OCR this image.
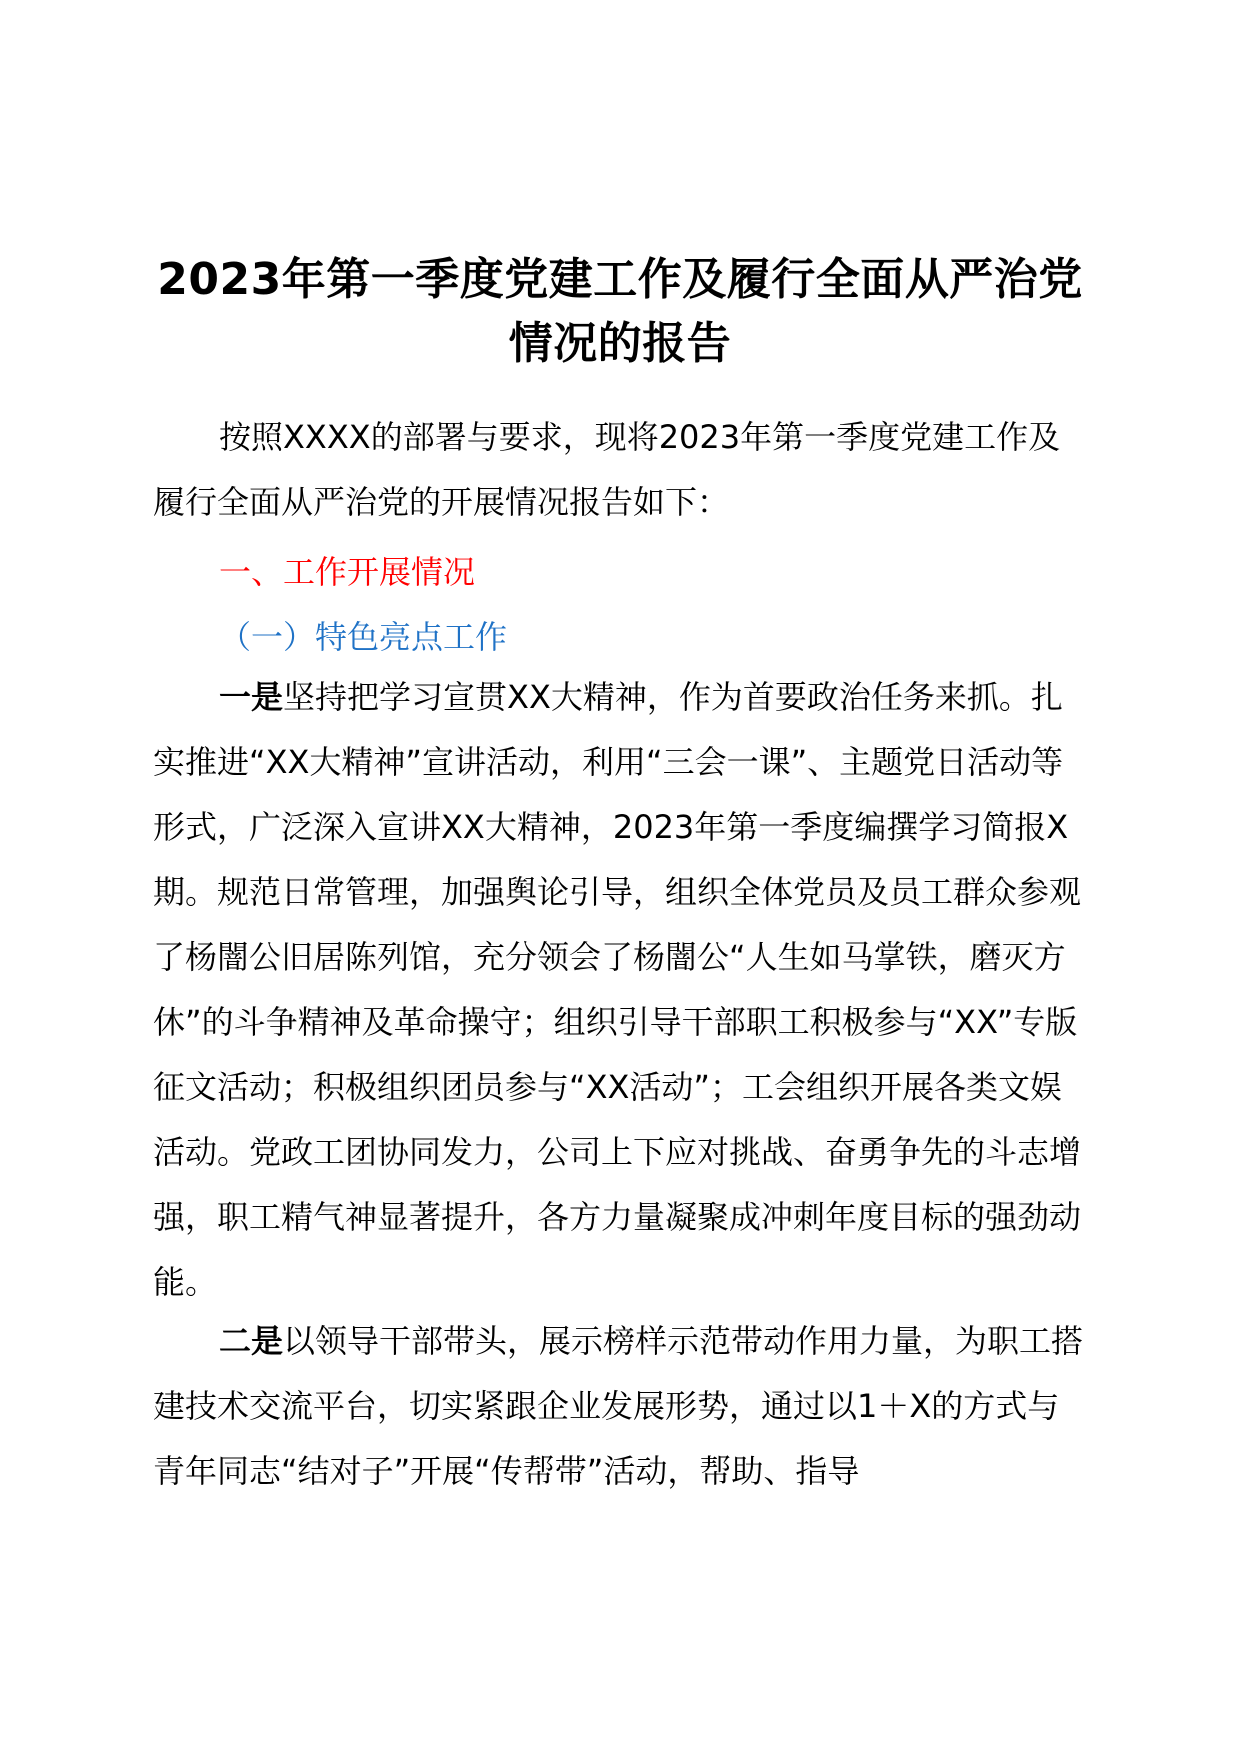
2023年第一季度党建工作及履行全面从严治党情况的报告
按照XXXX的部署与要求，现将2023年第一季度党建工作及履行全面从严治党的开展情况报告如下：
一、工作开展情况
（一）特色亮点工作
一是坚持把学习宣贯XX大精神，作为首要政治任务来抓。扎实推进“XX大精神”宣讲活动，利用“三会一课”、主题党日活动等形式，广泛深入宣讲XX大精神，2023年第一季度编撰学习简报X期。规范日常管理，加强舆论引导，组织全体党员及员工群众参观了杨闇公旧居陈列馆，充分领会了杨闇公“人生如马掌铁，磨灭方休”的斗争精神及革命操守；组织引导干部职工积极参与“XX”专版征文活动；积极组织团员参与“XX活动”；工会组织开展各类文娱活动。党政工团协同发力，公司上下应对挑战、奋勇争先的斗志增强，职工精气神显著提升，各方力量凝聚成冲刺年度目标的强劲动能。
二是以领导干部带头，展示榜样示范带动作用力量，为职工搭建技术交流平台，切实紧跟企业发展形势，通过以1＋X的方式与青年同志“结对子”开展“传帮带”活动，帮助、指导
